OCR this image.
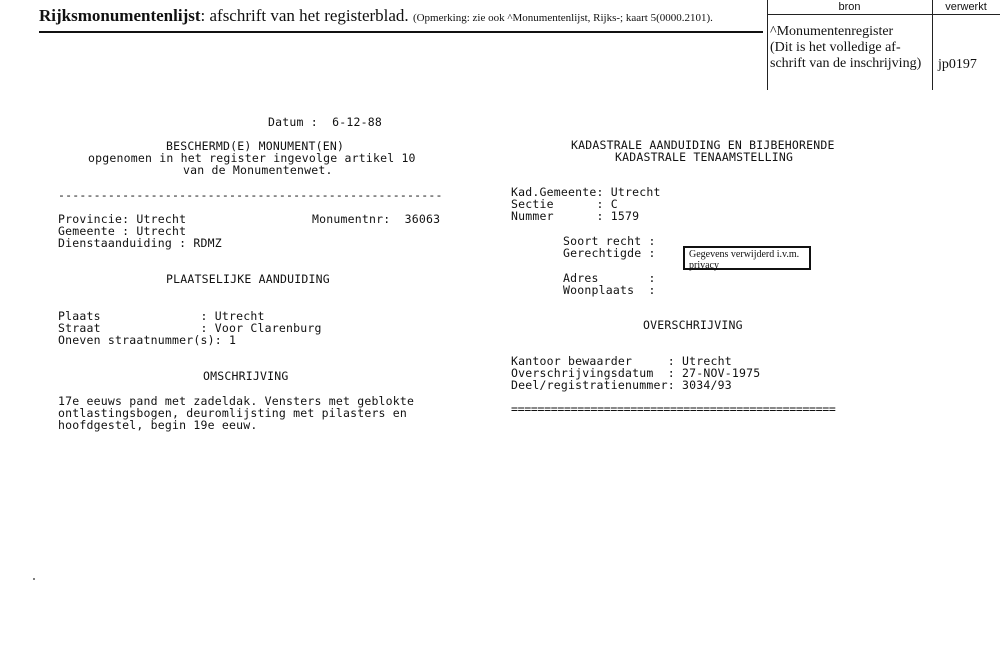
Rijksmonumentenlijst: afschrift van het registerblad. (Opmerking: zie ook ^Monumentenlijst, Rijks-; kaart 5(0000.2101).
bron	verwerkt
^Monumentenregister
(Dit is het volledige af-
schrift van de inschrijving) jp0197
Datum :  6-12-88
BESCHERMD(E) MONUMENT(EN)
opgenomen in het register ingevolge artikel 10
van de Monumentenwet.
------------------------------------------------------
Provincie: Utrecht	Monumentnr:  36063
Gemeente : Utrecht
Dienstaanduiding : RDMZ
PLAATSELIJKE AANDUIDING
Plaats              : Utrecht
Straat              : Voor Clarenburg
Oneven straatnummer(s): 1
OMSCHRIJVING
17e eeuws pand met zadeldak. Vensters met geblokte
ontlastingsbogen, deuromlijsting met pilasters en
hoofdgestel, begin 19e eeuw.
KADASTRALE AANDUIDING EN BIJBEHORENDE
KADASTRALE TENAAMSTELLING
Kad.Gemeente: Utrecht
Sectie      : C
Nummer      : 1579
Soort recht :
Gerechtigde :
Adres       :
Woonplaats  :
Gegevens verwijderd i.v.m. privacy
OVERSCHRIJVING
Kantoor bewaarder     : Utrecht
Overschrijvingsdatum  : 27-NOV-1975
Deel/registratienummer: 3034/93
=================================================
